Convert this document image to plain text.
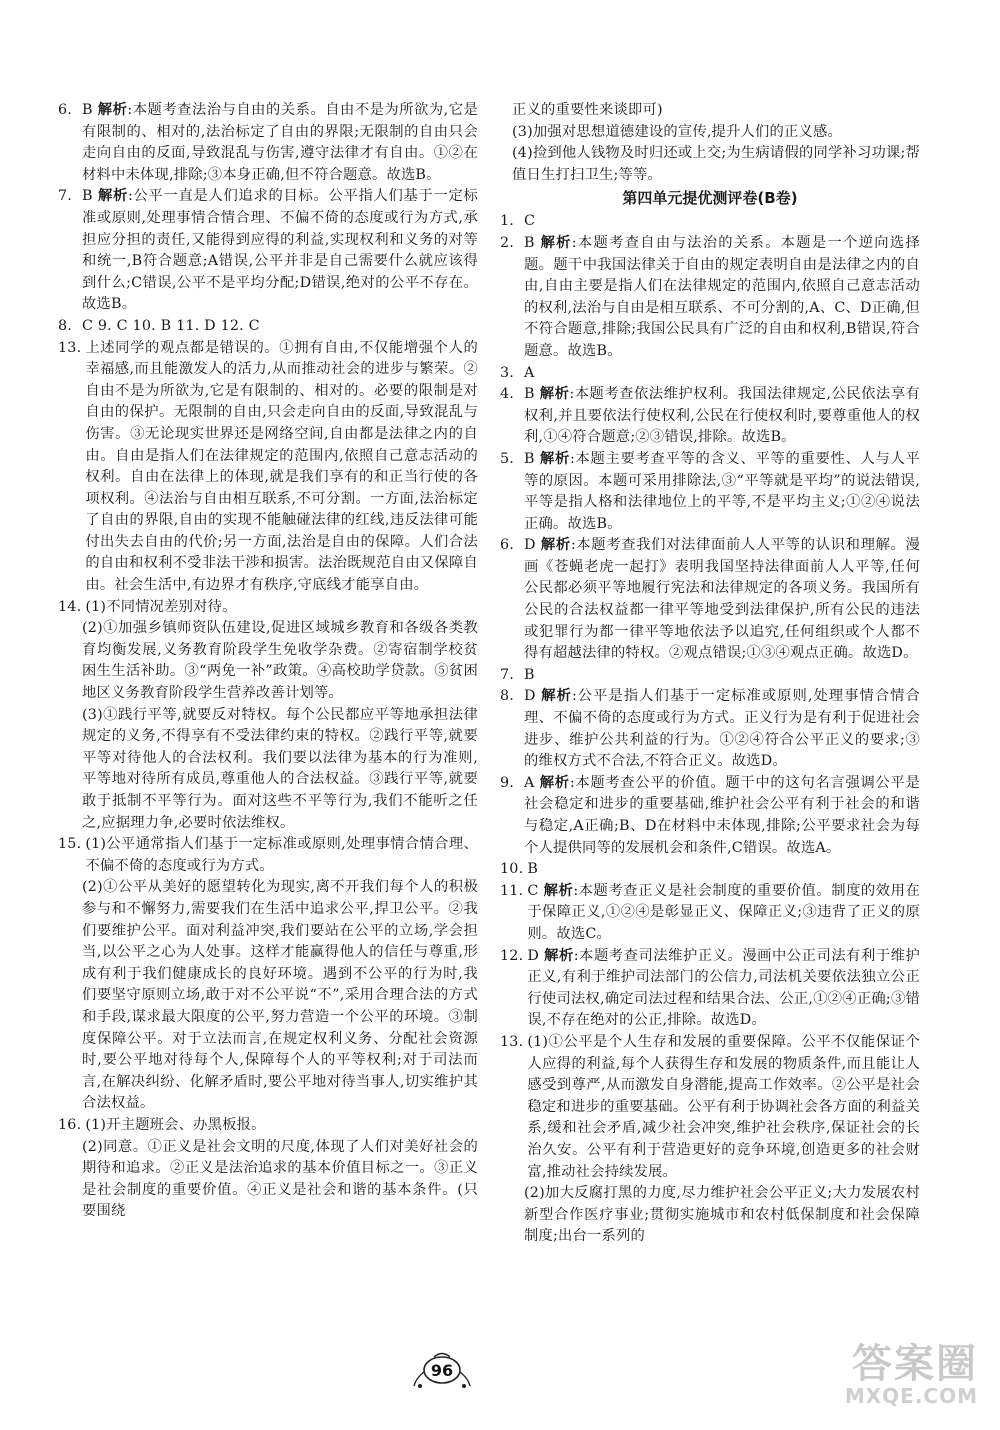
6. B 解析:本题考查法治与自由的关系。自由不是为所欲为,它是有限制的、相对的,法治标定了自由的界限;无限制的自由只会走向自由的反面,导致混乱与伤害,遵守法律才有自由。①②在材料中未体现,排除;③本身正确,但不符合题意。故选B。
7. B 解析:公平一直是人们追求的目标。公平指人们基于一定标准或原则,处理事情合情合理、不偏不倚的态度或行为方式,承担应分担的责任,又能得到应得的利益,实现权利和义务的对等和统一,B符合题意;A错误,公平并非是自己需要什么就应该得到什么;C错误,公平不是平均分配;D错误,绝对的公平不存在。故选B。
8. C 9. C 10. B 11. D 12. C
13. 上述同学的观点都是错误的。①拥有自由,不仅能增强个人的幸福感,而且能激发人的活力,从而推动社会的进步与繁荣。②自由不是为所欲为,它是有限制的、相对的。必要的限制是对自由的保护。无限制的自由,只会走向自由的反面,导致混乱与伤害。③无论现实世界还是网络空间,自由都是法律之内的自由。自由是指人们在法律规定的范围内,依照自己意志活动的权利。自由在法律上的体现,就是我们享有的和正当行使的各项权利。④法治与自由相互联系,不可分割。一方面,法治标定了自由的界限,自由的实现不能触碰法律的红线,违反法律可能付出失去自由的代价;另一方面,法治是自由的保障。人们合法的自由和权利不受非法干涉和损害。法治既规范自由又保障自由。社会生活中,有边界才有秩序,守底线才能享自由。
14. (1)不同情况差别对待。
(2)①加强乡镇师资队伍建设,促进区域城乡教育和各级各类教育均衡发展,义务教育阶段学生免收学杂费。②寄宿制学校贫困生生活补助。③“两免一补”政策。④高校助学贷款。⑤贫困地区义务教育阶段学生营养改善计划等。
(3)①践行平等,就要反对特权。每个公民都应平等地承担法律规定的义务,不得享有不受法律约束的特权。②践行平等,就要平等对待他人的合法权利。我们要以法律为基本的行为准则,平等地对待所有成员,尊重他人的合法权益。③践行平等,就要敢于抵制不平等行为。面对这些不平等行为,我们不能听之任之,应据理力争,必要时依法维权。
15. (1)公平通常指人们基于一定标准或原则,处理事情合情合理、不偏不倚的态度或行为方式。
(2)①公平从美好的愿望转化为现实,离不开我们每个人的积极参与和不懈努力,需要我们在生活中追求公平,捍卫公平。②我们要维护公平。面对利益冲突,我们要站在公平的立场,学会担当,以公平之心为人处事。这样才能赢得他人的信任与尊重,形成有利于我们健康成长的良好环境。遇到不公平的行为时,我们要坚守原则立场,敢于对不公平说“不”,采用合理合法的方式和手段,谋求最大限度的公平,努力营造一个公平的环境。③制度保障公平。对于立法而言,在规定权利义务、分配社会资源时,要公平地对待每个人,保障每个人的平等权利;对于司法而言,在解决纠纷、化解矛盾时,要公平地对待当事人,切实维护其合法权益。
16. (1)开主题班会、办黑板报。
(2)同意。①正义是社会文明的尺度,体现了人们对美好社会的期待和追求。②正义是法治追求的基本价值目标之一。③正义是社会制度的重要价值。④正义是社会和谐的基本条件。(只要围绕
正义的重要性来谈即可)
(3)加强对思想道德建设的宣传,提升人们的正义感。
(4)捡到他人钱物及时归还或上交;为生病请假的同学补习功课;帮值日生打扫卫生;等等。
第四单元提优测评卷(B卷)
1. C
2. B 解析:本题考查自由与法治的关系。本题是一个逆向选择题。题干中我国法律关于自由的规定表明自由是法律之内的自由,自由主要是指人们在法律规定的范围内,依照自己意志活动的权利,法治与自由是相互联系、不可分割的,A、C、D正确,但不符合题意,排除;我国公民具有广泛的自由和权利,B错误,符合题意。故选B。
3. A
4. B 解析:本题考查依法维护权利。我国法律规定,公民依法享有权利,并且要依法行使权利,公民在行使权利时,要尊重他人的权利,①④符合题意;②③错误,排除。故选B。
5. B 解析:本题主要考查平等的含义、平等的重要性、人与人平等的原因。本题可采用排除法,③“平等就是平均”的说法错误,平等是指人格和法律地位上的平等,不是平均主义;①②④说法正确。故选B。
6. D 解析:本题考查我们对法律面前人人平等的认识和理解。漫画《苍蝇老虎一起打》表明我国坚持法律面前人人平等,任何公民都必须平等地履行宪法和法律规定的各项义务。我国所有公民的合法权益都一律平等地受到法律保护,所有公民的违法或犯罪行为都一律平等地依法予以追究,任何组织或个人都不得有超越法律的特权。②观点错误;①③④观点正确。故选D。
7. B
8. D 解析:公平是指人们基于一定标准或原则,处理事情合情合理、不偏不倚的态度或行为方式。正义行为是有利于促进社会进步、维护公共利益的行为。①②④符合公平正义的要求;③的维权方式不合法,不符合正义。故选D。
9. A 解析:本题考查公平的价值。题干中的这句名言强调公平是社会稳定和进步的重要基础,维护社会公平有利于社会的和谐与稳定,A正确;B、D在材料中未体现,排除;公平要求社会为每个人提供同等的发展机会和条件,C错误。故选A。
10. B
11. C 解析:本题考查正义是社会制度的重要价值。制度的效用在于保障正义,①②④是彰显正义、保障正义;③违背了正义的原则。故选C。
12. D 解析:本题考查司法维护正义。漫画中公正司法有利于维护正义,有利于维护司法部门的公信力,司法机关要依法独立公正行使司法权,确定司法过程和结果合法、公正,①②④正确;③错误,不存在绝对的公正,排除。故选D。
13. (1)①公平是个人生存和发展的重要保障。公平不仅能保证个人应得的利益,每个人获得生存和发展的物质条件,而且能让人感受到尊严,从而激发自身潜能,提高工作效率。②公平是社会稳定和进步的重要基础。公平有利于协调社会各方面的利益关系,缓和社会矛盾,减少社会冲突,维护社会秩序,保证社会的长治久安。公平有利于营造更好的竞争环境,创造更多的社会财富,推动社会持续发展。
(2)加大反腐打黑的力度,尽力维护社会公平正义;大力发展农村新型合作医疗事业;贯彻实施城市和农村低保制度和社会保障制度;出台一系列的
96	答案圈
MXQE.COM
